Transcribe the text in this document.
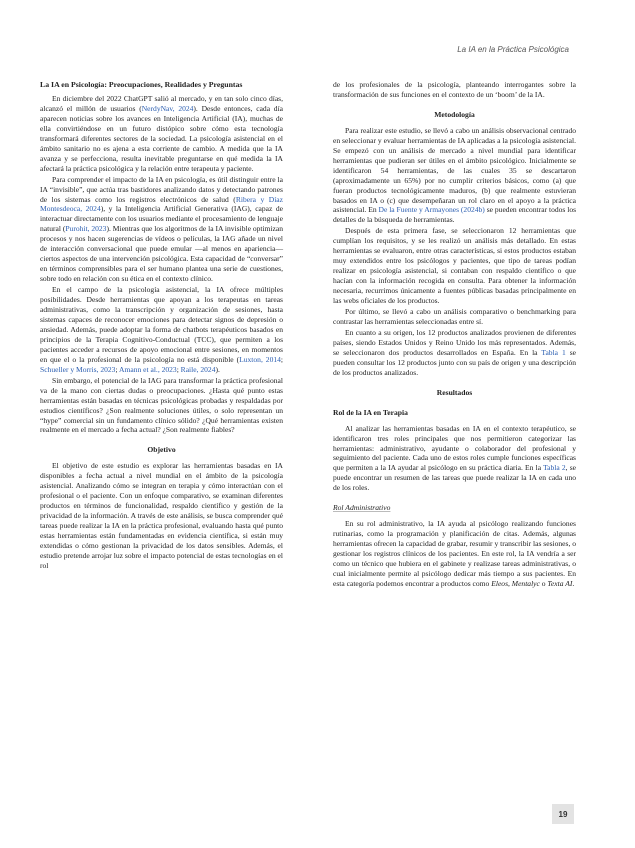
La IA en la Práctica Psicológica
La IA en Psicología: Preocupaciones, Realidades y Preguntas

En diciembre del 2022 ChatGPT salió al mercado, y en tan solo cinco días, alcanzó el millón de usuarios (NerdyNav, 2024). Desde entonces, cada día aparecen noticias sobre los avances en Inteligencia Artificial (IA), muchas de ella convirtiéndose en un futuro distópico sobre cómo esta tecnología transformará diferentes sectores de la sociedad. La psicología asistencial en el ámbito sanitario no es ajena a esta corriente de cambio. A medida que la IA avanza y se perfecciona, resulta inevitable preguntarse en qué medida la IA afectará la práctica psicológica y la relación entre terapeuta y paciente.

Para comprender el impacto de la IA en psicología, es útil distinguir entre la IA “invisible”, que actúa tras bastidores analizando datos y detectando patrones de los sistemas como los registros electrónicos de salud (Ribera y Díaz Montesdeoca, 2024), y la Inteligencia Artificial Generativa (IAG), capaz de interactuar directamente con los usuarios mediante el procesamiento de lenguaje natural (Purohit, 2023). Mientras que los algoritmos de la IA invisible optimizan procesos y nos hacen sugerencias de vídeos o películas, la IAG añade un nivel de interacción conversacional que puede emular —al menos en apariencia— ciertos aspectos de una intervención psicológica. Esta capacidad de “conversar” en términos comprensibles para el ser humano plantea una serie de cuestiones, sobre todo en relación con su ética en el contexto clínico.

En el campo de la psicología asistencial, la IA ofrece múltiples posibilidades. Desde herramientas que apoyan a los terapeutas en tareas administrativas, como la transcripción y organización de sesiones, hasta sistemas capaces de reconocer emociones para detectar signos de depresión o ansiedad. Además, puede adoptar la forma de chatbots terapéuticos basados en principios de la Terapia Cognitivo-Conductual (TCC), que permiten a los pacientes acceder a recursos de apoyo emocional entre sesiones, en momentos en que el o la profesional de la psicología no está disponible (Luxton, 2014; Schueller y Morris, 2023; Amann et al., 2023; Raile, 2024).

Sin embargo, el potencial de la IAG para transformar la práctica profesional va de la mano con ciertas dudas o preocupaciones. ¿Hasta qué punto estas herramientas están basadas en técnicas psicológicas probadas y respaldadas por estudios científicos? ¿Son realmente soluciones útiles, o solo representan un “hype” comercial sin un fundamento clínico sólido? ¿Qué herramientas existen realmente en el mercado a fecha actual? ¿Son realmente fiables?

Objetivo

El objetivo de este estudio es explorar las herramientas basadas en IA disponibles a fecha actual a nivel mundial en el ámbito de la psicología asistencial. Analizando cómo se integran en terapia y cómo interactúan con el profesional o el paciente. Con un enfoque comparativo, se examinan diferentes productos en términos de funcionalidad, respaldo científico y gestión de la privacidad de la información. A través de este análisis, se busca comprender qué tareas puede realizar la IA en la práctica profesional, evaluando hasta qué punto estas herramientas están fundamentadas en evidencia científica, si están muy extendidas o cómo gestionan la privacidad de los datos sensibles. Además, el estudio pretende arrojar luz sobre el impacto potencial de estas tecnologías en el rol

de los profesionales de la psicología, planteando interrogantes sobre la transformación de sus funciones en el contexto de un ‘boom’ de la IA.

Metodología

Para realizar este estudio, se llevó a cabo un análisis observacional centrado en seleccionar y evaluar herramientas de IA aplicadas a la psicología asistencial. Se empezó con un análisis de mercado a nivel mundial para identificar herramientas que pudieran ser útiles en el ámbito psicológico. Inicialmente se identificaron 54 herramientas, de las cuales 35 se descartaron (aproximadamente un 65%) por no cumplir criterios básicos, como (a) que fueran productos tecnológicamente maduros, (b) que realmente estuvieran basados en IA o (c) que desempeñaran un rol claro en el apoyo a la práctica asistencial. En De la Fuente y Armayones (2024b) se pueden encontrar todos los detalles de la búsqueda de herramientas.

Después de esta primera fase, se seleccionaron 12 herramientas que cumplían los requisitos, y se les realizó un análisis más detallado. En estas herramientas se evaluaron, entre otras características, si estos productos estaban muy extendidos entre los psicólogos y pacientes, que tipo de tareas podían realizar en psicología asistencial, si contaban con respaldo científico o que hacían con la información recogida en consulta. Para obtener la información necesaria, recurrimos únicamente a fuentes públicas basadas principalmente en las webs oficiales de los productos.

Por último, se llevó a cabo un análisis comparativo o benchmarking para contrastar las herramientas seleccionadas entre sí.

En cuanto a su origen, los 12 productos analizados provienen de diferentes países, siendo Estados Unidos y Reino Unido los más representados. Además, se seleccionaron dos productos desarrollados en España. En la Tabla 1 se pueden consultar los 12 productos junto con su país de origen y una descripción de los productos analizados.

Resultados
Rol de la IA en Terapia

Al analizar las herramientas basadas en IA en el contexto terapéutico, se identificaron tres roles principales que nos permitieron categorizar las herramientas: administrativo, ayudante o colaborador del profesional y seguimiento del paciente. Cada uno de estos roles cumple funciones específicas que permiten a la IA ayudar al psicólogo en su práctica diaria. En la Tabla 2, se puede encontrar un resumen de las tareas que puede realizar la IA en cada uno de los roles.

Rol Administrativo

En su rol administrativo, la IA ayuda al psicólogo realizando funciones rutinarias, como la programación y planificación de citas. Además, algunas herramientas ofrecen la capacidad de grabar, resumir y transcribir las sesiones, o gestionar los registros clínicos de los pacientes. En este rol, la IA vendría a ser como un técnico que hubiera en el gabinete y realizase tareas administrativas, o cual inicialmente permite al psicólogo dedicar más tiempo a sus pacientes. En esta categoría podemos encontrar a productos como Eleos, Mentalyc o Texta AI.

19
